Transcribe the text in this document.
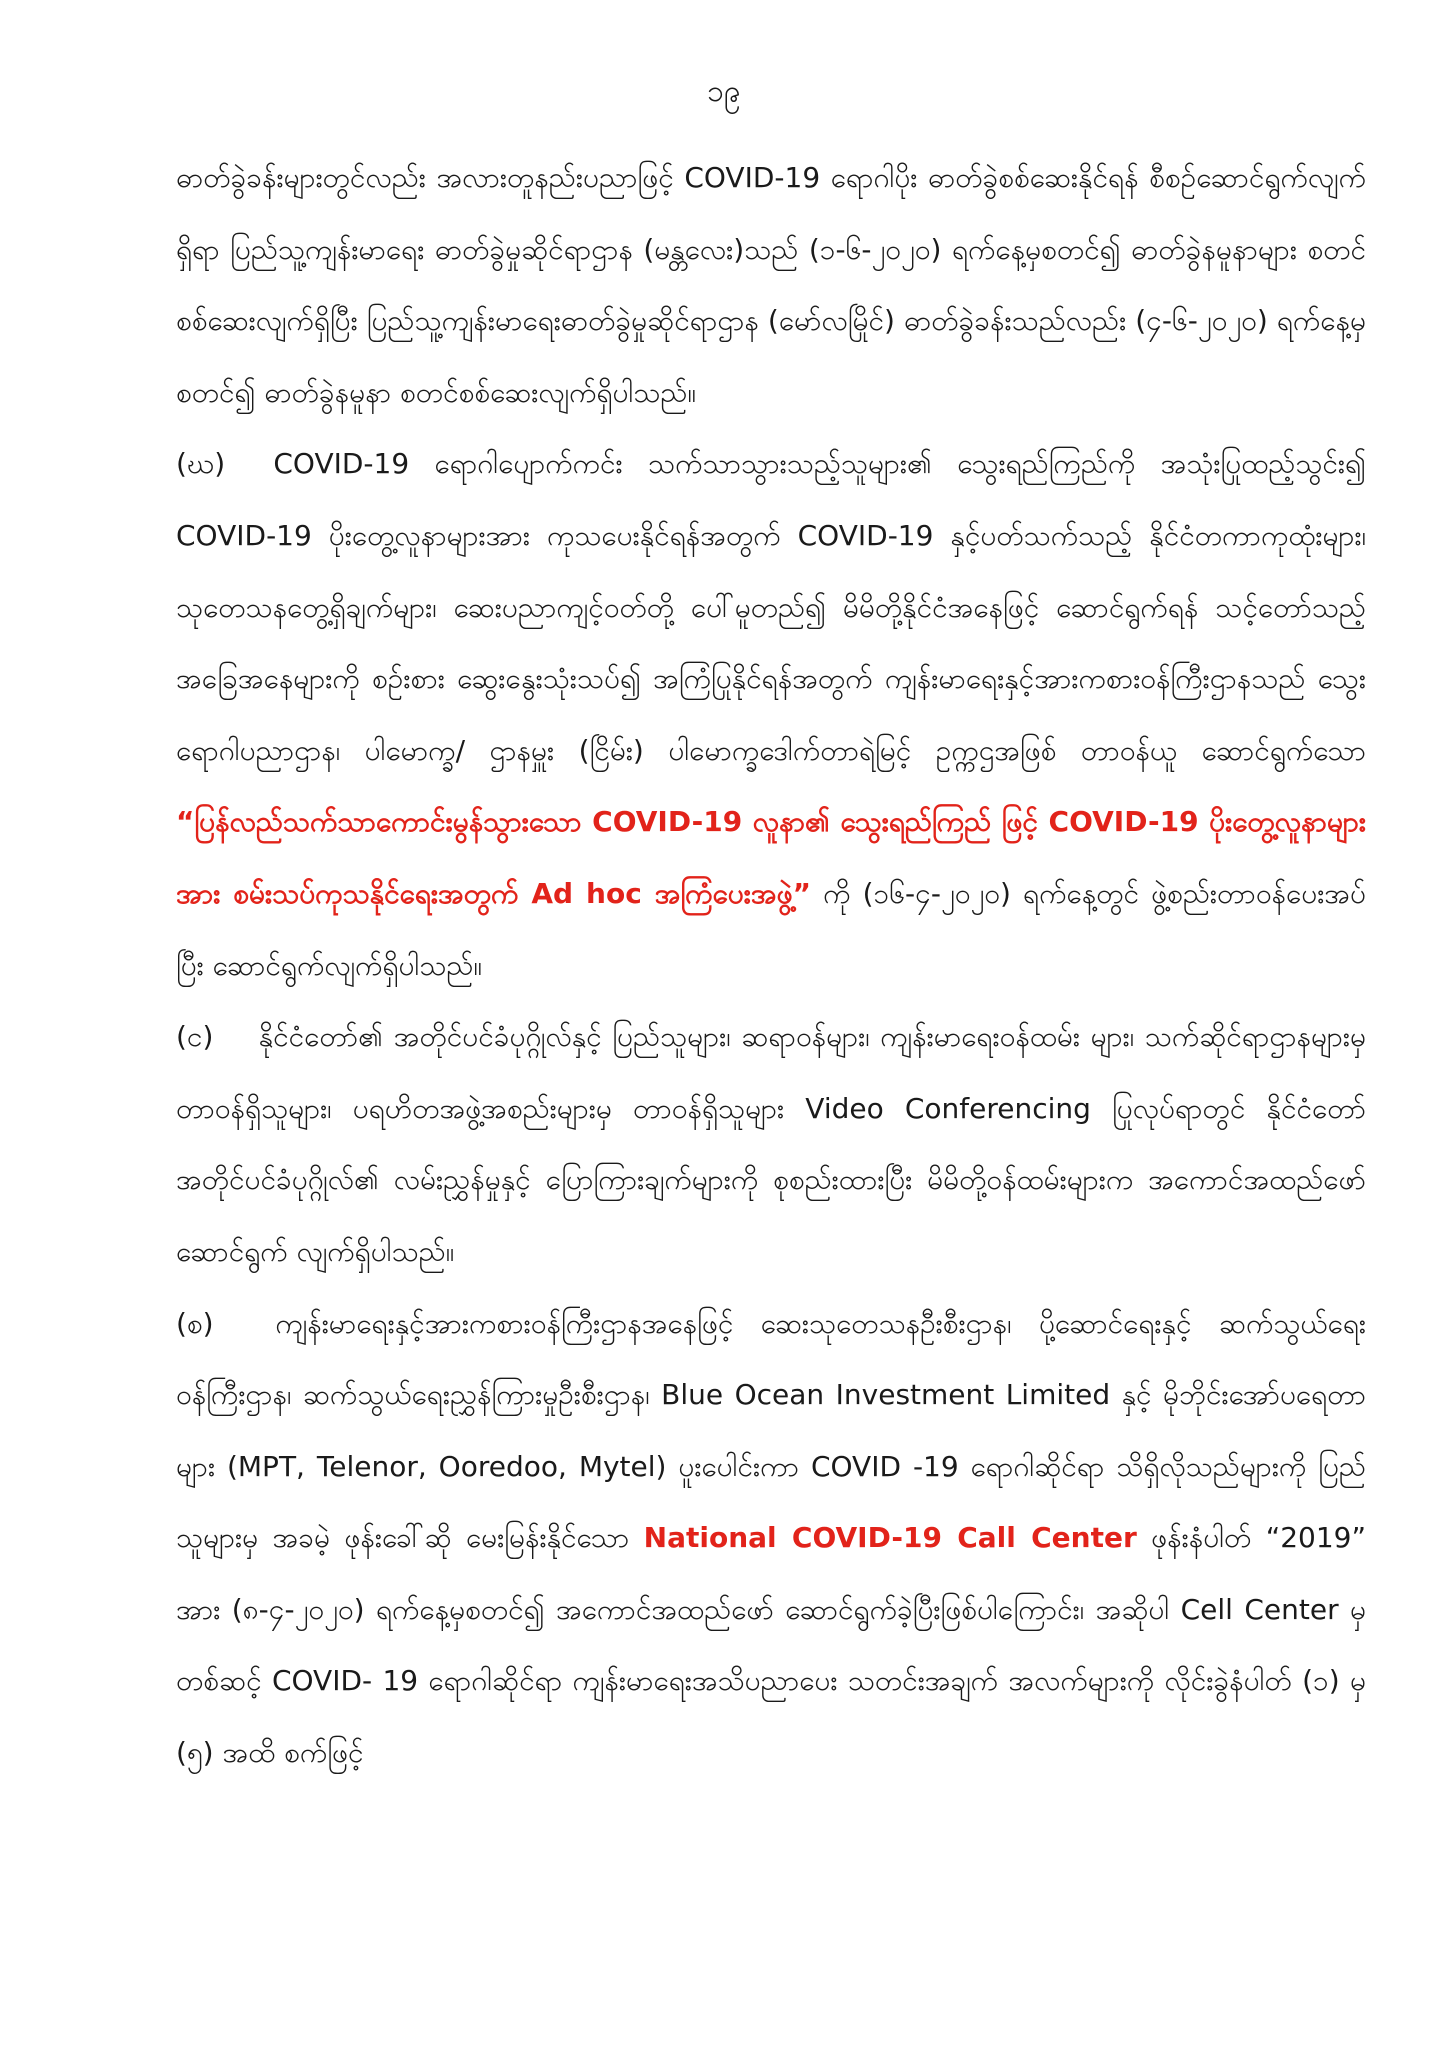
၁၉

ဓာတ်ခွဲခန်းများတွင်လည်း အလားတူနည်းပညာဖြင့် COVID-19 ရောဂါပိုး ဓာတ်ခွဲစစ်ဆေးနိုင်ရန် စီစဉ်ဆောင်ရွက်လျက်ရှိရာ ပြည်သူ့ကျန်းမာရေး ဓာတ်ခွဲမှုဆိုင်ရာဌာန (မန္တလေး)သည် (၁-၆-၂၀၂၀) ရက်နေ့မှစတင်၍ ဓာတ်ခွဲနမူနာများ စတင်စစ်ဆေးလျက်ရှိပြီး ပြည်သူ့ကျန်းမာရေးဓာတ်ခွဲမှုဆိုင်ရာဌာန (မော်လမြိုင်) ဓာတ်ခွဲခန်းသည်လည်း (၄-၆-၂၀၂၀) ရက်နေ့မှစတင်၍ ဓာတ်ခွဲနမူနာ စတင်စစ်ဆေးလျက်ရှိပါသည်။

(ဃ) COVID-19 ရောဂါပျောက်ကင်း သက်သာသွားသည့်သူများ၏ သွေးရည်ကြည်ကို အသုံးပြုထည့်သွင်း၍ COVID-19 ပိုးတွေ့လူနာများအား ကုသပေးနိုင်ရန်အတွက် COVID-19 နှင့်ပတ်သက်သည့် နိုင်ငံတကာကုထုံးများ၊ သုတေသနတွေ့ရှိချက်များ၊ ဆေးပညာကျင့်ဝတ်တို့ ပေါ်မူတည်၍ မိမိတို့နိုင်ငံအနေဖြင့် ဆောင်ရွက်ရန် သင့်တော်သည့်အခြေအနေများကို စဉ်းစား ဆွေးနွေးသုံးသပ်၍ အကြံပြုနိုင်ရန်အတွက် ကျန်းမာရေးနှင့်အားကစားဝန်ကြီးဌာနသည် သွေးရောဂါပညာဌာန၊ ပါမောက္ခ/ ဌာနမှူး (ငြိမ်း) ပါမောက္ခဒေါက်တာရဲမြင့် ဥက္ကဌအဖြစ် တာဝန်ယူ ဆောင်ရွက်သော “ပြန်လည်သက်သာကောင်းမွန်သွားသော COVID-19 လူနာ၏ သွေးရည်ကြည် ဖြင့် COVID-19 ပိုးတွေ့လူနာများအား စမ်းသပ်ကုသနိုင်ရေးအတွက် Ad hoc အကြံပေးအဖွဲ့” ကို (၁၆-၄-၂၀၂၀) ရက်နေ့တွင် ဖွဲ့စည်းတာဝန်ပေးအပ်ပြီး ဆောင်ရွက်လျက်ရှိပါသည်။

(င) နိုင်ငံတော်၏ အတိုင်ပင်ခံပုဂ္ဂိုလ်နှင့် ပြည်သူများ၊ ဆရာဝန်များ၊ ကျန်းမာရေးဝန်ထမ်း များ၊ သက်ဆိုင်ရာဌာနများမှ တာဝန်ရှိသူများ၊ ပရဟိတအဖွဲ့အစည်းများမှ တာဝန်ရှိသူများ Video Conferencing ပြုလုပ်ရာတွင် နိုင်ငံတော်အတိုင်ပင်ခံပုဂ္ဂိုလ်၏ လမ်းညွှန်မှုနှင့် ပြောကြားချက်များကို စုစည်းထားပြီး မိမိတို့ဝန်ထမ်းများက အကောင်အထည်ဖော် ဆောင်ရွက် လျက်ရှိပါသည်။

(စ) ကျန်းမာရေးနှင့်အားကစားဝန်ကြီးဌာနအနေဖြင့် ဆေးသုတေသနဦးစီးဌာန၊ ပို့ဆောင်ရေးနှင့် ဆက်သွယ်ရေးဝန်ကြီးဌာန၊ ဆက်သွယ်ရေးညွှန်ကြားမှုဦးစီးဌာန၊ Blue Ocean Investment Limited နှင့် မိုဘိုင်းအော်ပရေတာများ (MPT, Telenor, Ooredoo, Mytel) ပူးပေါင်းကာ COVID -19 ရောဂါဆိုင်ရာ သိရှိလိုသည်များကို ပြည်သူများမှ အခမဲ့ ဖုန်းခေါ်ဆို မေးမြန်းနိုင်သော National COVID-19 Call Center ဖုန်းနံပါတ် “2019” အား (၈-၄-၂၀၂၀) ရက်နေ့မှစတင်၍ အကောင်အထည်ဖော် ဆောင်ရွက်ခဲ့ပြီးဖြစ်ပါကြောင်း၊ အဆိုပါ Cell Center မှတစ်ဆင့် COVID- 19 ရောဂါဆိုင်ရာ ကျန်းမာရေးအသိပညာပေး သတင်းအချက် အလက်များကို လိုင်းခွဲနံပါတ် (၁) မှ (၅) အထိ စက်ဖြင့်
